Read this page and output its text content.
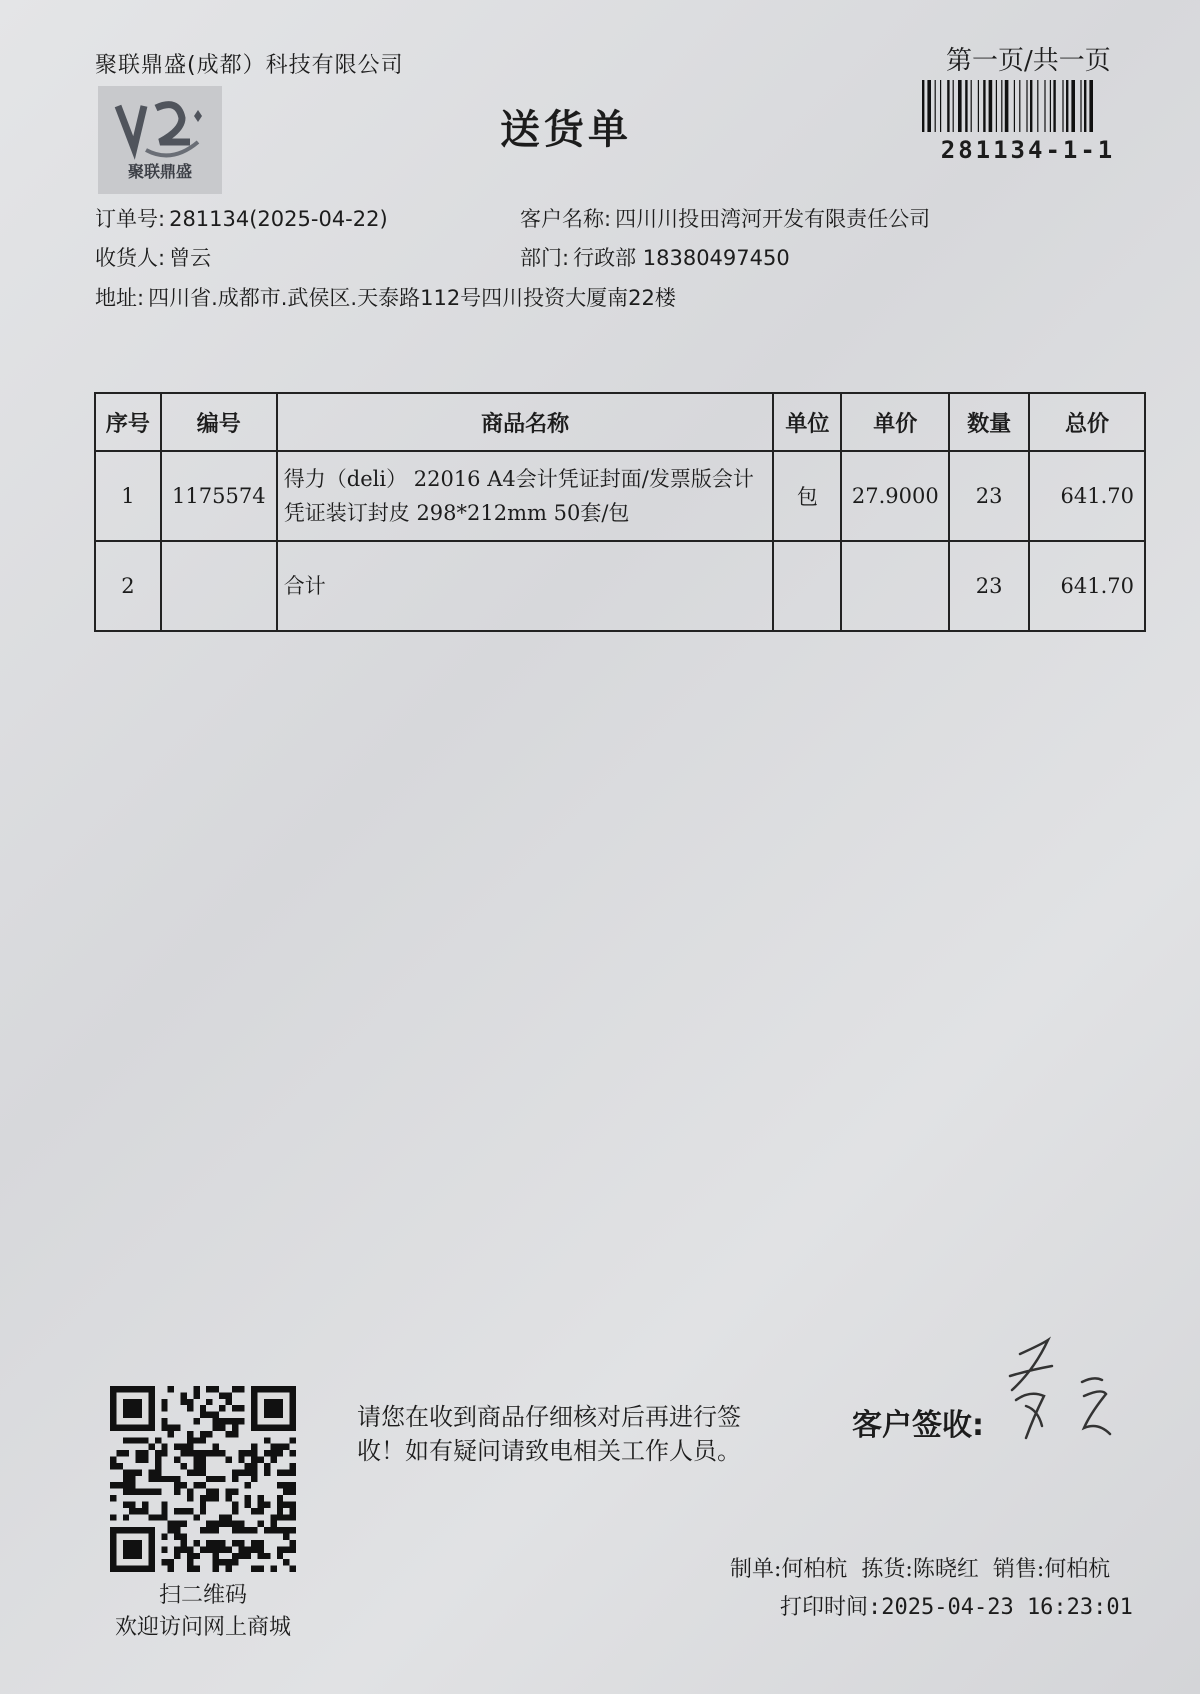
聚联鼎盛(成都）科技有限公司	第一页/共一页
281134-1-1
聚联鼎盛
送货单
订单号: 281134(2025-04-22)	客户名称: 四川川投田湾河开发有限责任公司
收货人: 曾云	部门: 行政部 18380497450
地址: 四川省.成都市.武侯区.天泰路112号四川投资大厦南22楼
序号	编号	商品名称	单位	单价	数量	总价
1	1175574	得力（deli） 22016 A4会计凭证封面/发票版会计
凭证装订封皮 298*212mm 50套/包	包	27.9000	23	641.70
2		合计			23	641.70
扫二维码
欢迎访问网上商城
请您在收到商品仔细核对后再进行签收！如有疑问请致电相关工作人员。
客户签收:
制单:何柏杭 拣货:陈晓红 销售:何柏杭
打印时间:2025-04-23 16:23:01
